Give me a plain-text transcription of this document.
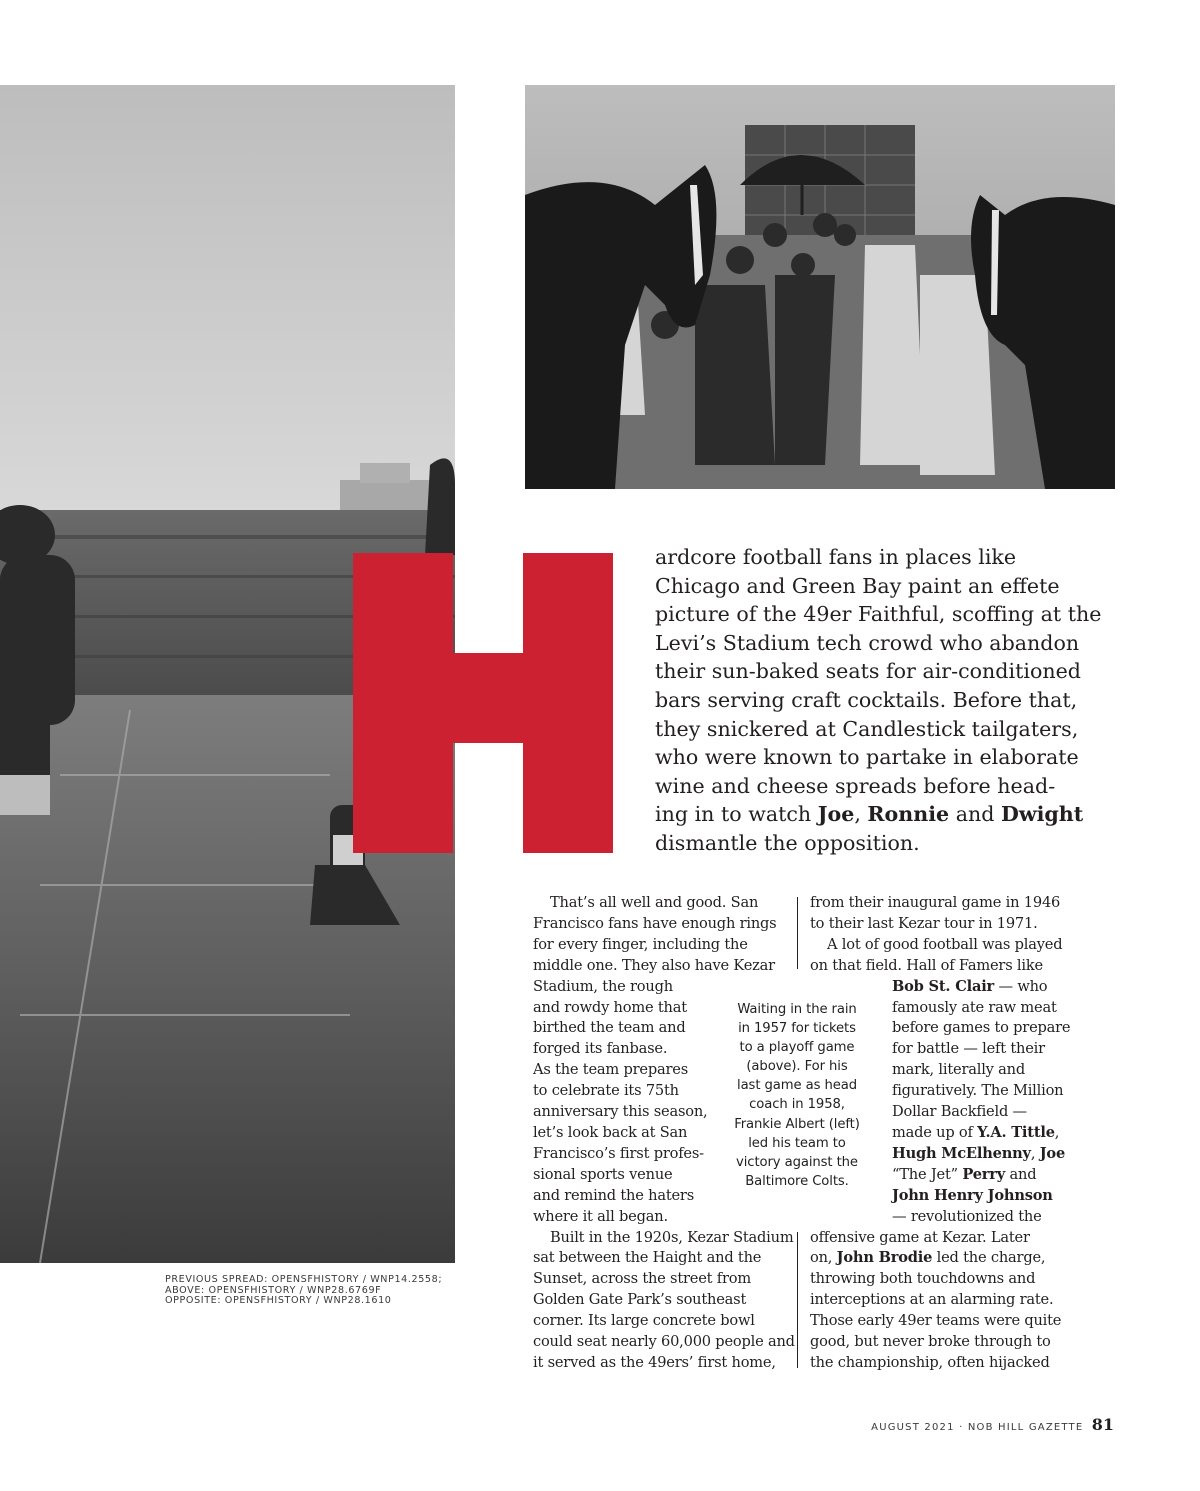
ardcore football fans in places like
Chicago and Green Bay paint an effete
picture of the 49er Faithful, scoffing at the
Levi’s Stadium tech crowd who abandon
their sun-baked seats for air-conditioned
bars serving craft cocktails. Before that,
they snickered at Candlestick tailgaters,
who were known to partake in elaborate
wine and cheese spreads before head-
ing in to watch Joe, Ronnie and Dwight
dismantle the opposition.

That’s all well and good. San
Francisco fans have enough rings
for every finger, including the
middle one. They also have Kezar
Stadium, the rough
and rowdy home that
birthed the team and
forged its fanbase.
As the team prepares
to celebrate its 75th
anniversary this season,
let’s look back at San
Francisco’s first profes-
sional sports venue
and remind the haters
where it all began.
Built in the 1920s, Kezar Stadium
sat between the Haight and the
Sunset, across the street from
Golden Gate Park’s southeast
corner. Its large concrete bowl
could seat nearly 60,000 people and
it served as the 49ers’ first home,
Waiting in the rain
in 1957 for tickets
to a playoff game
(above). For his
last game as head
coach in 1958,
Frankie Albert (left)
led his team to
victory against the
Baltimore Colts.
from their inaugural game in 1946
to their last Kezar tour in 1971.
A lot of good football was played
on that field. Hall of Famers like
Bob St. Clair — who
famously ate raw meat
before games to prepare
for battle — left their
mark, literally and
figuratively. The Million
Dollar Backfield —
made up of Y.A. Tittle,
Hugh McElhenny, Joe
“The Jet” Perry and
John Henry Johnson
— revolutionized the
offensive game at Kezar. Later
on, John Brodie led the charge,
throwing both touchdowns and
interceptions at an alarming rate.
Those early 49er teams were quite
good, but never broke through to
the championship, often hijacked
PREVIOUS SPREAD: OPENSFHISTORY / WNP14.2558;
ABOVE: OPENSFHISTORY / WNP28.6769F
OPPOSITE: OPENSFHISTORY / WNP28.1610
AUGUST 2021 · NOB HILL GAZETTE 81
